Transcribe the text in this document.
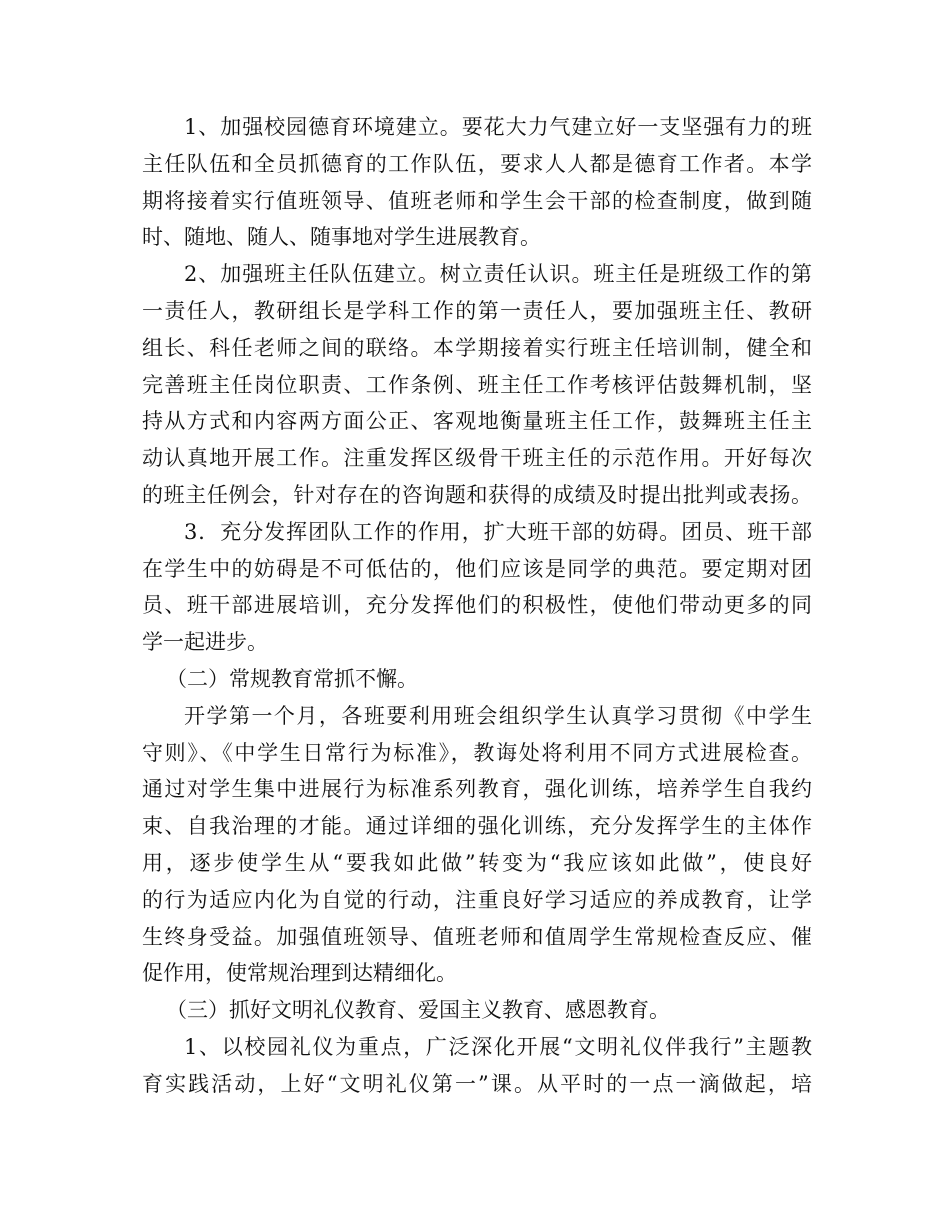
1、加强校园德育环境建立。要花大力气建立好一支坚强有力的班
主任队伍和全员抓德育的工作队伍，要求人人都是德育工作者。本学
期将接着实行值班领导、值班老师和学生会干部的检查制度，做到随
时、随地、随人、随事地对学生进展教育。
2、加强班主任队伍建立。树立责任认识。班主任是班级工作的第
一责任人，教研组长是学科工作的第一责任人，要加强班主任、教研
组长、科任老师之间的联络。本学期接着实行班主任培训制，健全和
完善班主任岗位职责、工作条例、班主任工作考核评估鼓舞机制，坚
持从方式和内容两方面公正、客观地衡量班主任工作，鼓舞班主任主
动认真地开展工作。注重发挥区级骨干班主任的示范作用。开好每次
的班主任例会，针对存在的咨询题和获得的成绩及时提出批判或表扬。
3．充分发挥团队工作的作用，扩大班干部的妨碍。团员、班干部
在学生中的妨碍是不可低估的，他们应该是同学的典范。要定期对团
员、班干部进展培训，充分发挥他们的积极性，使他们带动更多的同
学一起进步。
（二）常规教育常抓不懈。
开学第一个月，各班要利用班会组织学生认真学习贯彻《中学生
守则》、《中学生日常行为标准》，教诲处将利用不同方式进展检查。
通过对学生集中进展行为标准系列教育，强化训练，培养学生自我约
束、自我治理的才能。通过详细的强化训练，充分发挥学生的主体作
用，逐步使学生从“要我如此做”转变为“我应该如此做”，使良好
的行为适应内化为自觉的行动，注重良好学习适应的养成教育，让学
生终身受益。加强值班领导、值班老师和值周学生常规检查反应、催
促作用，使常规治理到达精细化。
（三）抓好文明礼仪教育、爱国主义教育、感恩教育。
1、以校园礼仪为重点，广泛深化开展“文明礼仪伴我行”主题教
育实践活动，上好“文明礼仪第一”课。从平时的一点一滴做起，培
